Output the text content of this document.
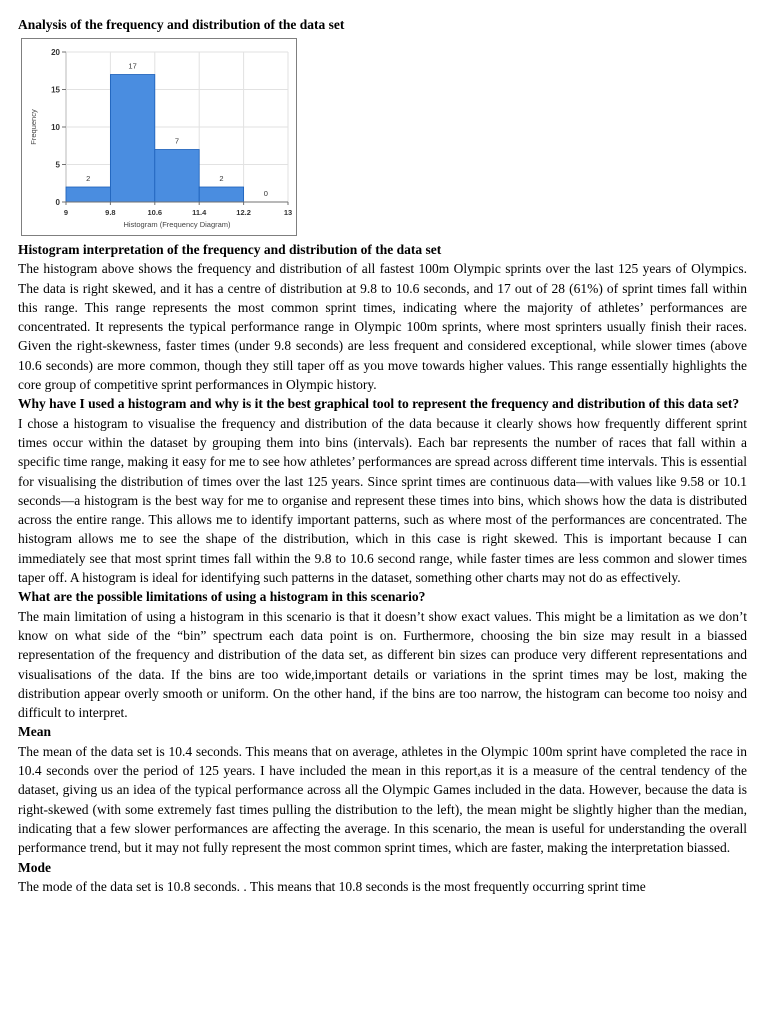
Analysis of the frequency and distribution of the data set
2
17
7
2
0
9	9.8	10.6	11.4	12.2	13
0
5
10
15
20
Frequency
Histogram (Frequency Diagram)
Histogram interpretation of the frequency and distribution of the data set

The histogram above shows the frequency and distribution of all fastest 100m Olympic sprints over the last 125 years of Olympics. The data is right skewed, and it has a centre of distribution at 9.8 to 10.6 seconds, and 17 out of 28 (61%) of sprint times fall within this range. This range represents the most common sprint times, indicating where the majority of athletes’ performances are concentrated. It represents the typical performance range in Olympic 100m sprints, where most sprinters usually finish their races. Given the right-skewness, faster times (under 9.8 seconds) are less frequent and considered exceptional, while slower times (above 10.6 seconds) are more common, though they still taper off as you move towards higher values. This range essentially highlights the core group of competitive sprint performances in Olympic history.

Why have I used a histogram and why is it the best graphical tool to represent the frequency and distribution of this data set?

I chose a histogram to visualise the frequency and distribution of the data because it clearly shows how frequently different sprint times occur within the dataset by grouping them into bins (intervals). Each bar represents the number of races that fall within a specific time range, making it easy for me to see how athletes’ performances are spread across different time intervals. This is essential for visualising the distribution of times over the last 125 years. Since sprint times are continuous data—with values like 9.58 or 10.1 seconds—a histogram is the best way for me to organise and represent these times into bins, which shows how the data is distributed across the entire range. This allows me to identify important patterns, such as where most of the performances are concentrated. The histogram allows me to see the shape of the distribution, which in this case is right skewed. This is important because I can immediately see that most sprint times fall within the 9.8 to 10.6 second range, while faster times are less common and slower times taper off. A histogram is ideal for identifying such patterns in the dataset, something other charts may not do as effectively.

What are the possible limitations of using a histogram in this scenario?

The main limitation of using a histogram in this scenario is that it doesn’t show exact values. This might be a limitation as we don’t know on what side of the “bin” spectrum each data point is on. Furthermore, choosing the bin size may result in a biassed representation of the frequency and distribution of the data set, as different bin sizes can produce very different representations and visualisations of the data. If the bins are too wide,important details or variations in the sprint times may be lost, making the distribution appear overly smooth or uniform. On the other hand, if the bins are too narrow, the histogram can become too noisy and difficult to interpret.

Mean

The mean of the data set is 10.4 seconds. This means that on average, athletes in the Olympic 100m sprint have completed the race in 10.4 seconds over the period of 125 years. I have included the mean in this report,as it is a measure of the central tendency of the dataset, giving us an idea of the typical performance across all the Olympic Games included in the data. However, because the data is right-skewed (with some extremely fast times pulling the distribution to the left), the mean might be slightly higher than the median, indicating that a few slower performances are affecting the average. In this scenario, the mean is useful for understanding the overall performance trend, but it may not fully represent the most common sprint times, which are faster, making the interpretation biassed.

Mode

The mode of the data set is 10.8 seconds. . This means that 10.8 seconds is the most frequently occurring sprint time
